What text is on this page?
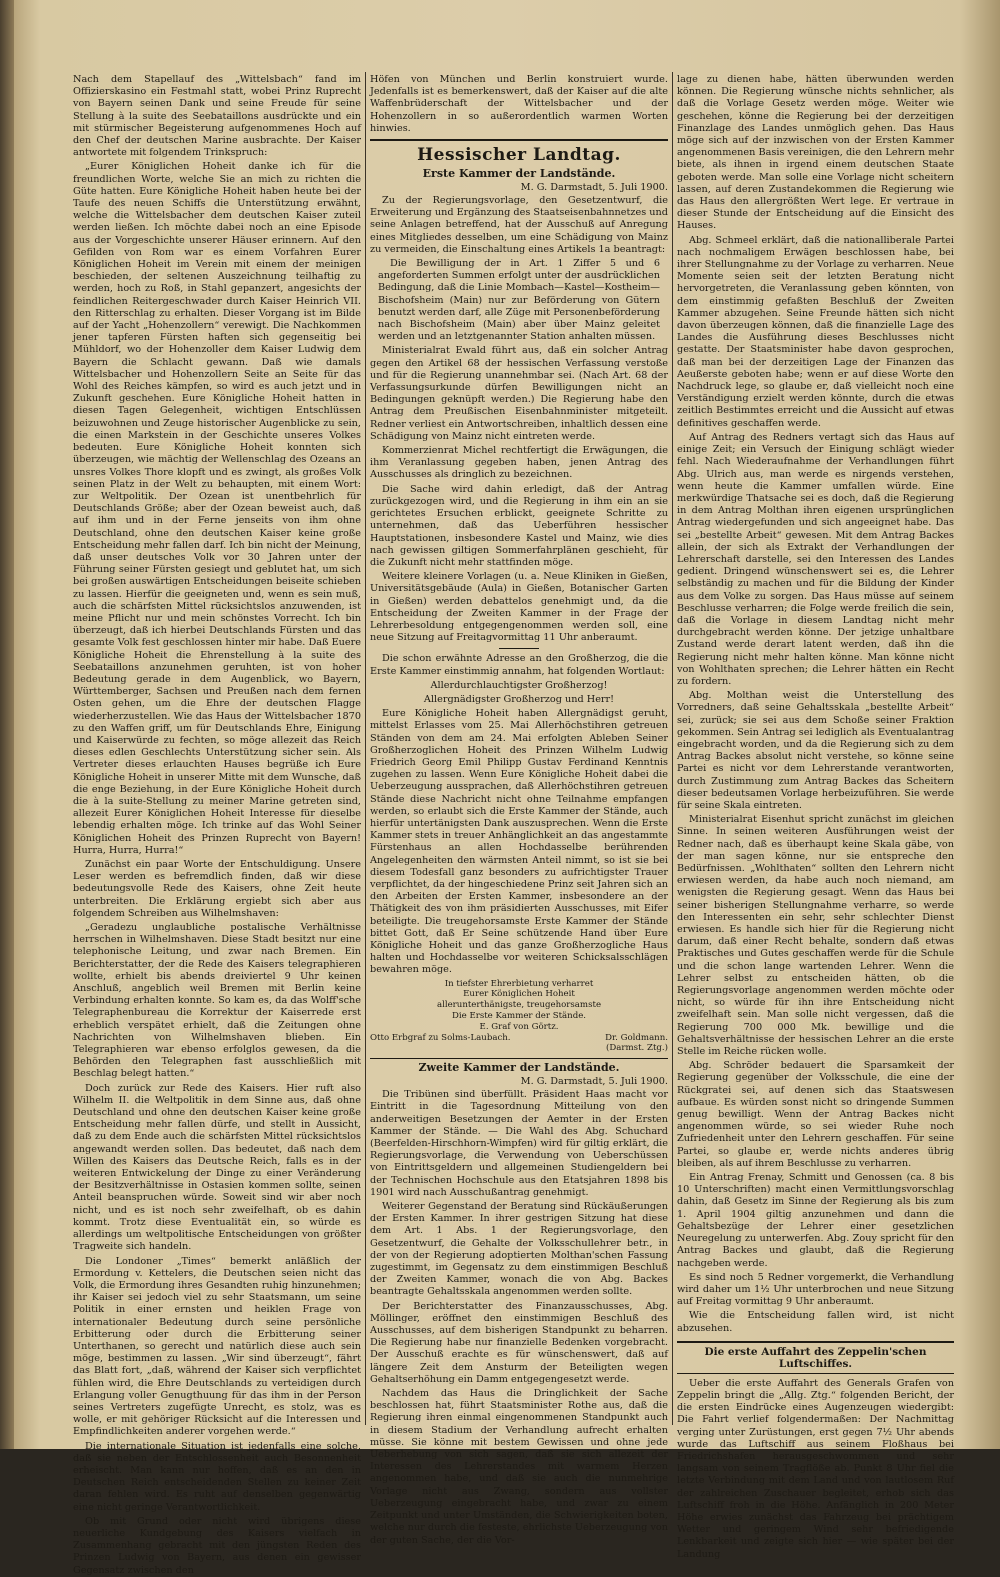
Nach dem Stapellauf des „Wittelsbach“ fand im Offizierskasino ein Festmahl statt, wobei Prinz Ruprecht von Bayern seinen Dank und seine Freude für seine Stellung à la suite des Seebataillons ausdrückte und ein mit stürmischer Begeisterung aufgenommenes Hoch auf den Chef der deutschen Marine ausbrachte. Der Kaiser antwortete mit folgendem Trinkspruch:

„Eurer Königlichen Hoheit danke ich für die freundlichen Worte, welche Sie an mich zu richten die Güte hatten. Eure Königliche Hoheit haben heute bei der Taufe des neuen Schiffs die Unterstützung erwähnt, welche die Wittelsbacher dem deutschen Kaiser zuteil werden ließen. Ich möchte dabei noch an eine Episode aus der Vorgeschichte unserer Häuser erinnern. Auf den Gefilden von Rom war es einem Vorfahren Eurer Königlichen Hoheit im Verein mit einem der meinigen beschieden, der seltenen Auszeichnung teilhaftig zu werden, hoch zu Roß, in Stahl gepanzert, angesichts der feindlichen Reitergeschwader durch Kaiser Heinrich VII. den Ritterschlag zu erhalten. Dieser Vorgang ist im Bilde auf der Yacht „Hohenzollern“ verewigt. Die Nachkommen jener tapferen Fürsten haften sich gegenseitig bei Mühldorf, wo der Hohenzoller dem Kaiser Ludwig dem Bayern die Schlacht gewann. Daß wie damals Wittelsbacher und Hohenzollern Seite an Seite für das Wohl des Reiches kämpfen, so wird es auch jetzt und in Zukunft geschehen. Eure Königliche Hoheit hatten in diesen Tagen Gelegenheit, wichtigen Entschlüssen beizuwohnen und Zeuge historischer Augenblicke zu sein, die einen Markstein in der Geschichte unseres Volkes bedeuten. Eure Königliche Hoheit konnten sich überzeugen, wie mächtig der Wellenschlag des Ozeans an unsres Volkes Thore klopft und es zwingt, als großes Volk seinen Platz in der Welt zu behaupten, mit einem Wort: zur Weltpolitik. Der Ozean ist unentbehrlich für Deutschlands Größe; aber der Ozean beweist auch, daß auf ihm und in der Ferne jenseits von ihm ohne Deutschland, ohne den deutschen Kaiser keine große Entscheidung mehr fallen darf. Ich bin nicht der Meinung, daß unser deutsches Volk vor 30 Jahren unter der Führung seiner Fürsten gesiegt und geblutet hat, um sich bei großen auswärtigen Entscheidungen beiseite schieben zu lassen. Hierfür die geeigneten und, wenn es sein muß, auch die schärfsten Mittel rücksichtslos anzuwenden, ist meine Pflicht nur und mein schönstes Vorrecht. Ich bin überzeugt, daß ich hierbei Deutschlands Fürsten und das gesamte Volk fest geschlossen hinter mir habe. Daß Euere Königliche Hoheit die Ehrenstellung à la suite des Seebataillons anzunehmen geruhten, ist von hoher Bedeutung gerade in dem Augenblick, wo Bayern, Württemberger, Sachsen und Preußen nach dem fernen Osten gehen, um die Ehre der deutschen Flagge wiederherzustellen. Wie das Haus der Wittelsbacher 1870 zu den Waffen griff, um für Deutschlands Ehre, Einigung und Kaiserwürde zu fechten, so möge allezeit das Reich dieses edlen Geschlechts Unterstützung sicher sein. Als Vertreter dieses erlauchten Hauses begrüße ich Eure Königliche Hoheit in unserer Mitte mit dem Wunsche, daß die enge Beziehung, in der Eure Königliche Hoheit durch die à la suite-Stellung zu meiner Marine getreten sind, allezeit Eurer Königlichen Hoheit Interesse für dieselbe lebendig erhalten möge. Ich trinke auf das Wohl Seiner Königlichen Hoheit des Prinzen Ruprecht von Bayern! Hurra, Hurra, Hurra!“

Zunächst ein paar Worte der Entschuldigung. Unsere Leser werden es befremdlich finden, daß wir diese bedeutungsvolle Rede des Kaisers, ohne Zeit heute unterbreiten. Die Erklärung ergiebt sich aber aus folgendem Schreiben aus Wilhelmshaven:

„Geradezu unglaubliche postalische Verhältnisse herrschen in Wilhelmshaven. Diese Stadt besitzt nur eine telephonische Leitung, und zwar nach Bremen. Ein Berichterstatter, der die Rede des Kaisers telegraphieren wollte, erhielt bis abends dreiviertel 9 Uhr keinen Anschluß, angeblich weil Bremen mit Berlin keine Verbindung erhalten konnte. So kam es, da das Wolff'sche Telegraphenbureau die Korrektur der Kaiserrede erst erheblich verspätet erhielt, daß die Zeitungen ohne Nachrichten von Wilhelmshaven blieben. Ein Telegraphieren war ebenso erfolglos gewesen, da die Behörden den Telegraphen fast ausschließlich mit Beschlag belegt hatten.“

Doch zurück zur Rede des Kaisers. Hier ruft also Wilhelm II. die Weltpolitik in dem Sinne aus, daß ohne Deutschland und ohne den deutschen Kaiser keine große Entscheidung mehr fallen dürfe, und stellt in Aussicht, daß zu dem Ende auch die schärfsten Mittel rücksichtslos angewandt werden sollen. Das bedeutet, daß nach dem Willen des Kaisers das Deutsche Reich, falls es in der weiteren Entwickelung der Dinge zu einer Veränderung der Besitzverhältnisse in Ostasien kommen sollte, seinen Anteil beanspruchen würde. Soweit sind wir aber noch nicht, und es ist noch sehr zweifelhaft, ob es dahin kommt. Trotz diese Eventualität ein, so würde es allerdings um weltpolitische Entscheidungen von größter Tragweite sich handeln.

Die Londoner „Times“ bemerkt anläßlich der Ermordung v. Kettelers, die Deutschen seien nicht das Volk, die Ermordung ihres Gesandten ruhig hinzunehmen; ihr Kaiser sei jedoch viel zu sehr Staatsmann, um seine Politik in einer ernsten und heiklen Frage von internationaler Bedeutung durch seine persönliche Erbitterung oder durch die Erbitterung seiner Unterthanen, so gerecht und natürlich diese auch sein möge, bestimmen zu lassen. „Wir sind überzeugt“, fährt das Blatt fort, „daß, während der Kaiser sich verpflichtet fühlen wird, die Ehre Deutschlands zu verteidigen durch Erlangung voller Genugthuung für das ihm in der Person seines Vertreters zugefügte Unrecht, es stolz, was es wolle, er mit gehöriger Rücksicht auf die Interessen und Empfindlichkeiten anderer vorgehen werde.“

Die internationale Situation ist jedenfalls eine solche, daß sie neben der Entschlossenheit auch Besonnenheit erheischt. Man kann nur hoffen, daß es an den in Deutschen Reich entscheidenden Stellen zu keiner Zeit daran fehlen wird. Es ruht auf denselben gegenwärtig eine nicht geringe Verantwortlichkeit.

Ob mit Grund oder nicht wird übrigens diese neuerliche Kundgebung des Kaisers vielfach in Zusammenhang gebracht mit den jüngsten Reden des Prinzen Ludwig von Bayern, aus denen ein gewisser Gegensatz zwischen den

Höfen von München und Berlin konstruiert wurde. Jedenfalls ist es bemerkenswert, daß der Kaiser auf die alte Waffenbrüderschaft der Wittelsbacher und der Hohenzollern in so außerordentlich warmen Worten hinwies.

Hessischer Landtag.
Erste Kammer der Landstände.
M. G. Darmstadt, 5. Juli 1900.

Zu der Regierungsvorlage, den Gesetzentwurf, die Erweiterung und Ergänzung des Staatseisenbahnnetzes und seine Anlagen betreffend, hat der Ausschuß auf Anregung eines Mitgliedes desselben, um eine Schädigung von Mainz zu vermeiden, die Einschaltung eines Artikels 1a beantragt:

Die Bewilligung der in Art. 1 Ziffer 5 und 6 angeforderten Summen erfolgt unter der ausdrücklichen Bedingung, daß die Linie Mombach—Kastel—Kostheim—Bischofsheim (Main) nur zur Beförderung von Gütern benutzt werden darf, alle Züge mit Personenbeförderung nach Bischofsheim (Main) aber über Mainz geleitet werden und an letztgenannter Station anhalten müssen.

Ministerialrat Ewald führt aus, daß ein solcher Antrag gegen den Artikel 68 der hessischen Verfassung verstoße und für die Regierung unannehmbar sei. (Nach Art. 68 der Verfassungsurkunde dürfen Bewilligungen nicht an Bedingungen geknüpft werden.) Die Regierung habe den Antrag dem Preußischen Eisenbahnminister mitgeteilt. Redner verliest ein Antwortschreiben, inhaltlich dessen eine Schädigung von Mainz nicht eintreten werde.

Kommerzienrat Michel rechtfertigt die Erwägungen, die ihm Veranlassung gegeben haben, jenen Antrag des Ausschusses als dringlich zu bezeichnen.

Die Sache wird dahin erledigt, daß der Antrag zurückgezogen wird, und die Regierung in ihm ein an sie gerichtetes Ersuchen erblickt, geeignete Schritte zu unternehmen, daß das Ueberführen hessischer Hauptstationen, insbesondere Kastel und Mainz, wie dies nach gewissen giltigen Sommerfahrplänen geschieht, für die Zukunft nicht mehr stattfinden möge.

Weitere kleinere Vorlagen (u. a. Neue Kliniken in Gießen, Universitätsgebäude (Aula) in Gießen, Botanischer Garten in Gießen) werden debattelos genehmigt und, da die Entscheidung der Zweiten Kammer in der Frage der Lehrerbesoldung entgegengenommen werden soll, eine neue Sitzung auf Freitagvormittag 11 Uhr anberaumt.

Die schon erwähnte Adresse an den Großherzog, die die Erste Kammer einstimmig annahm, hat folgenden Wortlaut:

Allerdurchlauchtigster Großherzog!

Allergnädigster Großherzog und Herr!

Eure Königliche Hoheit haben Allergnädigst geruht, mittelst Erlasses vom 25. Mai Allerhöchstihren getreuen Ständen von dem am 24. Mai erfolgten Ableben Seiner Großherzoglichen Hoheit des Prinzen Wilhelm Ludwig Friedrich Georg Emil Philipp Gustav Ferdinand Kenntnis zugehen zu lassen. Wenn Eure Königliche Hoheit dabei die Ueberzeugung aussprachen, daß Allerhöchstihren getreuen Stände diese Nachricht nicht ohne Teilnahme empfangen werden, so erlaubt sich die Erste Kammer der Stände, auch hierfür untertänigsten Dank auszusprechen. Wenn die Erste Kammer stets in treuer Anhänglichkeit an das angestammte Fürstenhaus an allen Hochdasselbe berührenden Angelegenheiten den wärmsten Anteil nimmt, so ist sie bei diesem Todesfall ganz besonders zu aufrichtigster Trauer verpflichtet, da der hingeschiedene Prinz seit Jahren sich an den Arbeiten der Ersten Kammer, insbesondere an der Thätigkeit des von ihm präsidierten Ausschusses, mit Eifer beteiligte. Die treugehorsamste Erste Kammer der Stände bittet Gott, daß Er Seine schützende Hand über Eure Königliche Hoheit und das ganze Großherzogliche Haus halten und Hochdasselbe vor weiteren Schicksalsschlägen bewahren möge.

In tiefster Ehrerbietung verharret
Eurer Königlichen Hoheit
allerunterthänigste, treugehorsamste
Die Erste Kammer der Stände.
E. Graf von Görtz.
Otto Erbgraf zu Solms-Laubach.	Dr. Goldmann.
(Darmst. Ztg.)
Zweite Kammer der Landstände.
M. G. Darmstadt, 5. Juli 1900.

Die Tribünen sind überfüllt. Präsident Haas macht vor Eintritt in die Tagesordnung Mitteilung von den anderweitigen Besetzungen der Aemter in der Ersten Kammer der Stände. — Die Wahl des Abg. Schuchard (Beerfelden-Hirschhorn-Wimpfen) wird für giltig erklärt, die Regierungsvorlage, die Verwendung von Ueberschüssen von Eintrittsgeldern und allgemeinen Studiengeldern bei der Technischen Hochschule aus den Etatsjahren 1898 bis 1901 wird nach Ausschußantrag genehmigt.

Weiterer Gegenstand der Beratung sind Rückäußerungen der Ersten Kammer. In ihrer gestrigen Sitzung hat diese dem Art. 1 Abs. 1 der Regierungsvorlage, den Gesetzentwurf, die Gehalte der Volksschullehrer betr., in der von der Regierung adoptierten Molthan'schen Fassung zugestimmt, im Gegensatz zu dem einstimmigen Beschluß der Zweiten Kammer, wonach die von Abg. Backes beantragte Gehaltsskala angenommen werden sollte.

Der Berichterstatter des Finanzausschusses, Abg. Möllinger, eröffnet den einstimmigen Beschluß des Ausschusses, auf dem bisherigen Standpunkt zu beharren. Die Regierung habe nur finanzielle Bedenken vorgebracht. Der Ausschuß erachte es für wünschenswert, daß auf längere Zeit dem Ansturm der Beteiligten wegen Gehaltserhöhung ein Damm entgegengesetzt werde.

Nachdem das Haus die Dringlichkeit der Sache beschlossen hat, führt Staatsminister Rothe aus, daß die Regierung ihren einmal eingenommenen Standpunkt auch in diesem Stadium der Verhandlung aufrecht erhalten müsse. Sie könne mit bestem Gewissen und ohne jede Ueberhebung von sich sagen, daß sie sich allezeit der Interessen des Lehrerstandes mit warmem Herzen angenommen habe, und daß sie auch die nunmehrige Vorlage nicht aus Zwang, sondern aus vollster Ueberzeugung eingebracht habe, und zwar zu einem Zeitpunkt und unter Umständen, die Schwierigkeiten boten, welche nur durch die festeste, ehrlichste Ueberzeugung von der guten Sache, der die Vor-

lage zu dienen habe, hätten überwunden werden können. Die Regierung wünsche nichts sehnlicher, als daß die Vorlage Gesetz werden möge. Weiter wie geschehen, könne die Regierung bei der derzeitigen Finanzlage des Landes unmöglich gehen. Das Haus möge sich auf der inzwischen von der Ersten Kammer angenommenen Basis vereinigen, die den Lehrern mehr biete, als ihnen in irgend einem deutschen Staate geboten werde. Man solle eine Vorlage nicht scheitern lassen, auf deren Zustandekommen die Regierung wie das Haus den allergrößten Wert lege. Er vertraue in dieser Stunde der Entscheidung auf die Einsicht des Hauses.

Abg. Schmeel erklärt, daß die nationalliberale Partei nach nochmaligem Erwägen beschlossen habe, bei ihrer Stellungnahme zu der Vorlage zu verharren. Neue Momente seien seit der letzten Beratung nicht hervorgetreten, die Veranlassung geben könnten, von dem einstimmig gefaßten Beschluß der Zweiten Kammer abzugehen. Seine Freunde hätten sich nicht davon überzeugen können, daß die finanzielle Lage des Landes die Ausführung dieses Beschlusses nicht gestatte. Der Staatsminister habe davon gesprochen, daß man bei der derzeitigen Lage der Finanzen das Aeußerste geboten habe; wenn er auf diese Worte den Nachdruck lege, so glaube er, daß vielleicht noch eine Verständigung erzielt werden könnte, durch die etwas zeitlich Bestimmtes erreicht und die Aussicht auf etwas definitives geschaffen werde.

Auf Antrag des Redners vertagt sich das Haus auf einige Zeit; ein Versuch der Einigung schlägt wieder fehl. Nach Wiederaufnahme der Verhandlungen führt Abg. Ulrich aus, man werde es nirgends verstehen, wenn heute die Kammer umfallen würde. Eine merkwürdige Thatsache sei es doch, daß die Regierung in dem Antrag Molthan ihren eigenen ursprünglichen Antrag wiedergefunden und sich angeeignet habe. Das sei „bestellte Arbeit“ gewesen. Mit dem Antrag Backes allein, der sich als Extrakt der Verhandlungen der Lehrerschaft darstelle, sei den Interessen des Landes gedient. Dringend wünschenswert sei es, die Lehrer selbständig zu machen und für die Bildung der Kinder aus dem Volke zu sorgen. Das Haus müsse auf seinem Beschlusse verharren; die Folge werde freilich die sein, daß die Vorlage in diesem Landtag nicht mehr durchgebracht werden könne. Der jetzige unhaltbare Zustand werde derart latent werden, daß ihn die Regierung nicht mehr halten könne. Man könne nicht von Wohlthaten sprechen; die Lehrer hätten ein Recht zu fordern.

Abg. Molthan weist die Unterstellung des Vorredners, daß seine Gehaltsskala „bestellte Arbeit“ sei, zurück; sie sei aus dem Schoße seiner Fraktion gekommen. Sein Antrag sei lediglich als Eventualantrag eingebracht worden, und da die Regierung sich zu dem Antrag Backes absolut nicht verstehe, so könne seine Partei es nicht vor dem Lehrerstande verantworten, durch Zustimmung zum Antrag Backes das Scheitern dieser bedeutsamen Vorlage herbeizuführen. Sie werde für seine Skala eintreten.

Ministerialrat Eisenhut spricht zunächst im gleichen Sinne. In seinen weiteren Ausführungen weist der Redner nach, daß es überhaupt keine Skala gäbe, von der man sagen könne, nur sie entspreche den Bedürfnissen. „Wohlthaten“ sollten den Lehrern nicht erwiesen werden, da habe auch noch niemand, am wenigsten die Regierung gesagt. Wenn das Haus bei seiner bisherigen Stellungnahme verharre, so werde den Interessenten ein sehr, sehr schlechter Dienst erwiesen. Es handle sich hier für die Regierung nicht darum, daß einer Recht behalte, sondern daß etwas Praktisches und Gutes geschaffen werde für die Schule und die schon lange wartenden Lehrer. Wenn die Lehrer selbst zu entscheiden hätten, ob die Regierungsvorlage angenommen werden möchte oder nicht, so würde für ihn ihre Entscheidung nicht zweifelhaft sein. Man solle nicht vergessen, daß die Regierung 700 000 Mk. bewillige und die Gehaltsverhältnisse der hessischen Lehrer an die erste Stelle im Reiche rücken wolle.

Abg. Schröder bedauert die Sparsamkeit der Regierung gegenüber der Volksschule, die eine der Rückgratei sei, auf denen sich das Staatswesen aufbaue. Es würden sonst nicht so dringende Summen genug bewilligt. Wenn der Antrag Backes nicht angenommen würde, so sei wieder Ruhe noch Zufriedenheit unter den Lehrern geschaffen. Für seine Partei, so glaube er, werde nichts anderes übrig bleiben, als auf ihrem Beschlusse zu verharren.

Ein Antrag Frenay, Schmitt und Genossen (ca. 8 bis 10 Unterschriften) macht einen Vermittlungsvorschlag dahin, daß Gesetz im Sinne der Regierung als bis zum 1. April 1904 giltig anzunehmen und dann die Gehaltsbezüge der Lehrer einer gesetzlichen Neuregelung zu unterwerfen. Abg. Zouy spricht für den Antrag Backes und glaubt, daß die Regierung nachgeben werde.

Es sind noch 5 Redner vorgemerkt, die Verhandlung wird daher um 1½ Uhr unterbrochen und neue Sitzung auf Freitag vormittag 9 Uhr anberaumt.

Wie die Entscheidung fallen wird, ist nicht abzusehen.

Die erste Auffahrt des Zeppelin'schen Luftschiffes.

Ueber die erste Auffahrt des Generals Grafen von Zeppelin bringt die „Allg. Ztg.“ folgenden Bericht, der die ersten Eindrücke eines Augenzeugen wiedergibt: Die Fahrt verlief folgendermaßen: Der Nachmittag verging unter Zurüstungen, erst gegen 7½ Uhr abends wurde das Luftschiff aus seinem Floßhaus bei Friedrichshafen herausgeschwommen und sehr langsam von seinem Tragflöße ab. Punkt 8 Uhr fiel die letzte Verbindung mit dem Land und von lautlosem Ruf der zahlreichen Zuschauer begleitet, erhob sich das Luftschiff froh in die Höhe. Anfänglich in 200 Meter Höhe erwies zunächst das Fahrzeug bei prächtigem Wetter und geringem Wind sehr befriedigende Lenkbarkeit und zeigte sich hier — wie später bei der Landung
